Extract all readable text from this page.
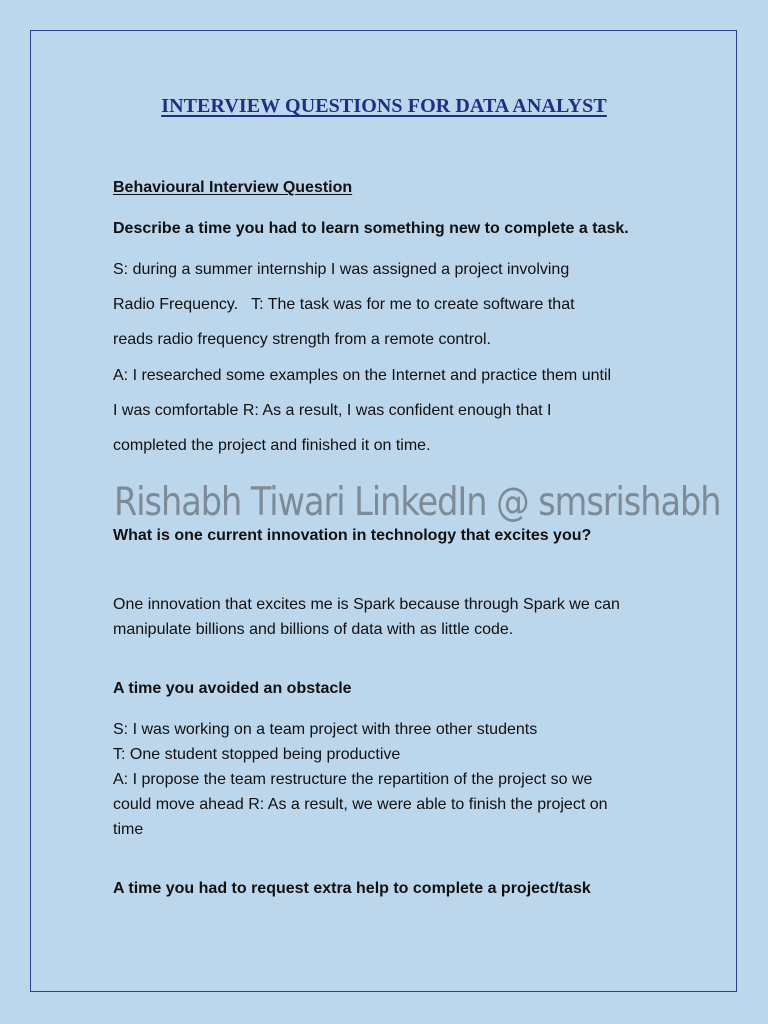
INTERVIEW QUESTIONS FOR DATA ANALYST
Behavioural Interview Question
Describe a time you had to learn something new to complete a task.
S: during a summer internship I was assigned a project involving
Radio Frequency.   T: The task was for me to create software that
reads radio frequency strength from a remote control.
A: I researched some examples on the Internet and practice them until
I was comfortable R: As a result, I was confident enough that I
completed the project and finished it on time.
Rishabh Tiwari LinkedIn @ smsrishabh
What is one current innovation in technology that excites you?
One innovation that excites me is Spark because through Spark we can
manipulate billions and billions of data with as little code.
A time you avoided an obstacle
S: I was working on a team project with three other students
T: One student stopped being productive
A: I propose the team restructure the repartition of the project so we
could move ahead R: As a result, we were able to finish the project on
time
A time you had to request extra help to complete a project/task
